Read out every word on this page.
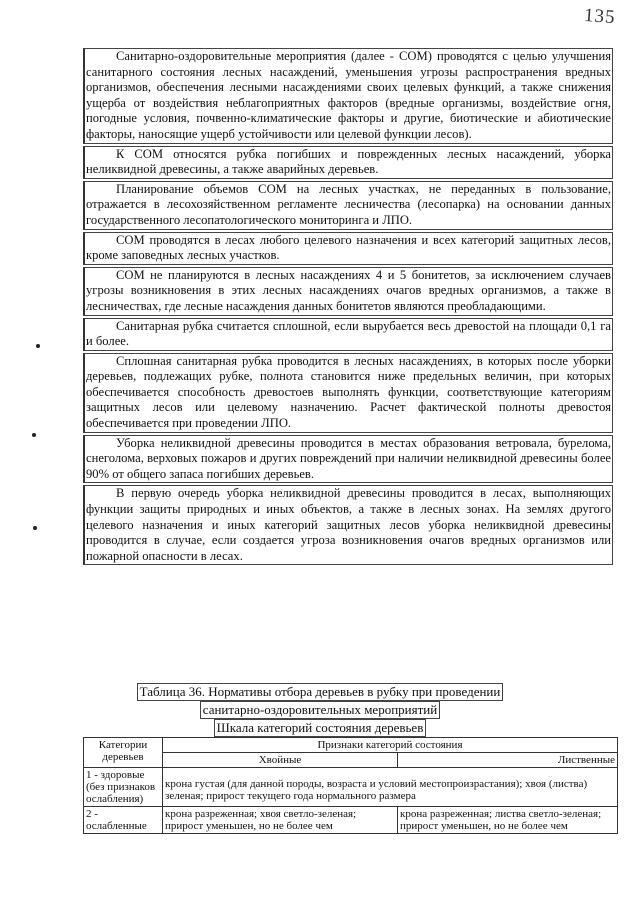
135

Санитарно-оздоровительные мероприятия (далее - СОМ) проводятся с целью улучшения санитарного состояния лесных насаждений, уменьшения угрозы распространения вредных организмов, обеспечения лесными насаждениями своих целевых функций, а также снижения ущерба от воздействия неблагоприятных факторов (вредные организмы, воздействие огня, погодные условия, почвенно-климатические факторы и другие, биотические и абиотические факторы, наносящие ущерб устойчивости или целевой функции лесов).

К СОМ относятся рубка погибших и поврежденных лесных насаждений, уборка неликвидной древесины, а также аварийных деревьев.

Планирование объемов СОМ на лесных участках, не переданных в пользование, отражается в лесохозяйственном регламенте лесничества (лесопарка) на основании данных государственного лесопатологического мониторинга и ЛПО.

СОМ проводятся в лесах любого целевого назначения и всех категорий защитных лесов, кроме заповедных лесных участков.

СОМ не планируются в лесных насаждениях 4 и 5 бонитетов, за исключением случаев угрозы возникновения в этих лесных насаждениях очагов вредных организмов, а также в лесничествах, где лесные насаждения данных бонитетов являются преобладающими.

Санитарная рубка считается сплошной, если вырубается весь древостой на площади 0,1 га и более.

Сплошная санитарная рубка проводится в лесных насаждениях, в которых после уборки деревьев, подлежащих рубке, полнота становится ниже предельных величин, при которых обеспечивается способность древостоев выполнять функции, соответствующие категориям защитных лесов или целевому назначению. Расчет фактической полноты древостоя обеспечивается при проведении ЛПО.

Уборка неликвидной древесины проводится в местах образования ветровала, бурелома, снеголома, верховых пожаров и других повреждений при наличии неликвидной древесины более 90% от общего запаса погибших деревьев.

В первую очередь уборка неликвидной древесины проводится в лесах, выполняющих функции защиты природных и иных объектов, а также в лесных зонах. На землях другого целевого назначения и иных категорий защитных лесов уборка неликвидной древесины проводится в случае, если создается угроза возникновения очагов вредных организмов или пожарной опасности в лесах.

Таблица 36. Нормативы отбора деревьев в рубку при проведении
санитарно-оздоровительных мероприятий
Шкала категорий состояния деревьев
Категории деревьев	Признаки категорий состояния	
	Хвойные	Лиственные
1 - здоровые (без признаков ослабления)	крона густая (для данной породы, возраста и условий местопроизрастания); хвоя (листва) зеленая; прирост текущего года нормального размера	
2 - ослабленные	крона разреженная; хвоя светло-зеленая; прирост уменьшен, но не более чем	крона разреженная; листва светло-зеленая; прирост уменьшен, но не более чем
